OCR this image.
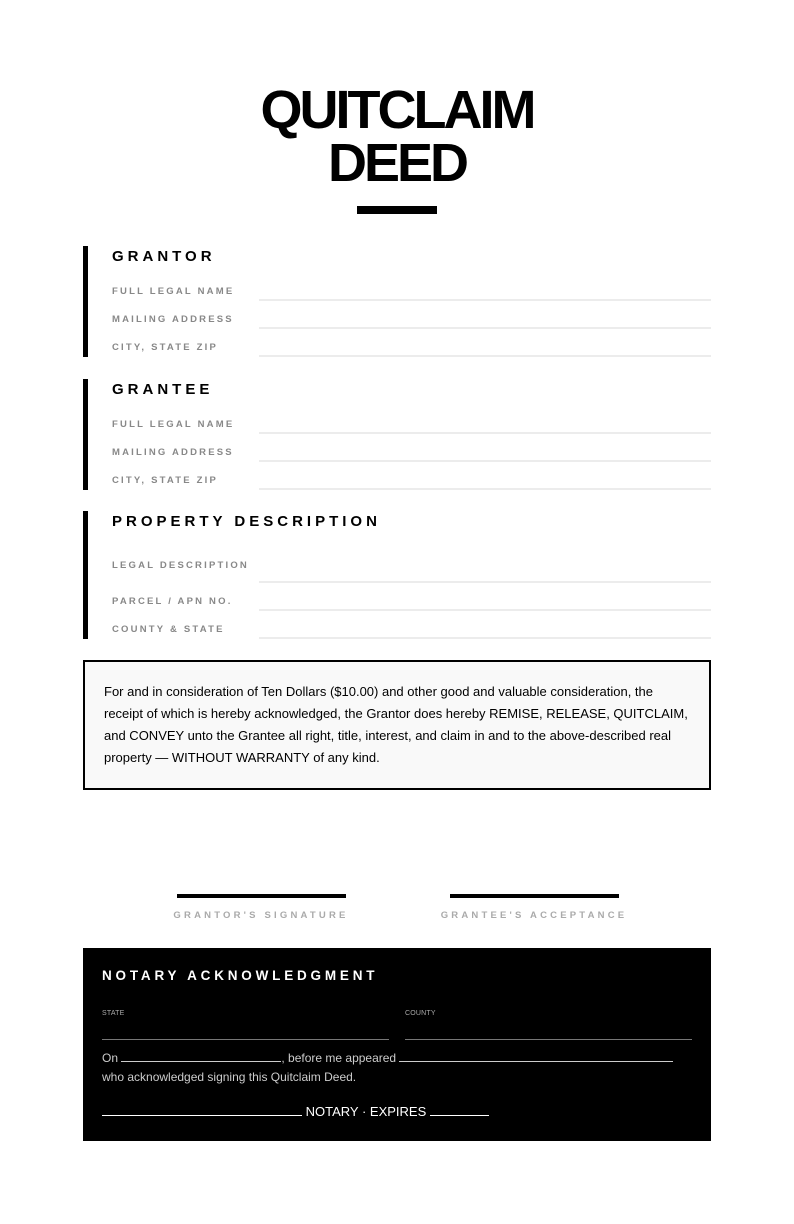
QUITCLAIM
DEED
GRANTOR
FULL LEGAL NAME
MAILING ADDRESS
CITY, STATE ZIP
GRANTEE
FULL LEGAL NAME
MAILING ADDRESS
CITY, STATE ZIP
PROPERTY DESCRIPTION
LEGAL DESCRIPTION
PARCEL / APN NO.
COUNTY & STATE

For and in consideration of Ten Dollars ($10.00) and other good and valuable consideration, the receipt of which is hereby acknowledged, the Grantor does hereby REMISE, RELEASE, QUITCLAIM, and CONVEY unto the Grantee all right, title, interest, and claim in and to the above-described real property — WITHOUT WARRANTY of any kind.

GRANTOR'S SIGNATURE	GRANTEE'S ACCEPTANCE
NOTARY ACKNOWLEDGMENT
STATE	COUNTY
On	, before me appeared
who acknowledged signing this Quitclaim Deed.
NOTARY · EXPIRES
